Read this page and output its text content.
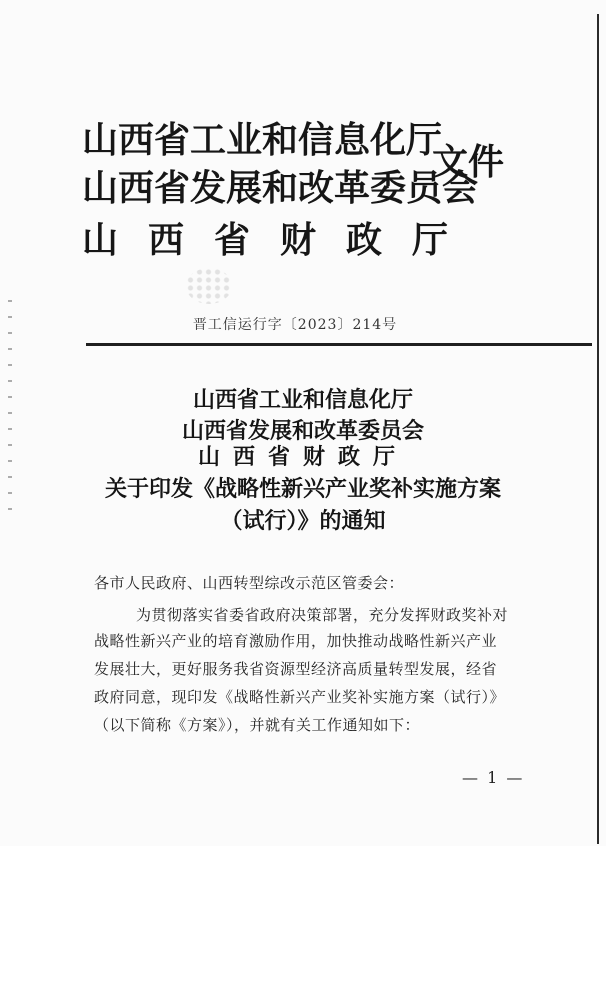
山西省工业和信息化厅
山西省发展和改革委员会
山西省财政厅
文件
晋工信运行字〔2023〕214号
山西省工业和信息化厅
山西省发展和改革委员会
山西省财政厅
关于印发《战略性新兴产业奖补实施方案
（试行）》的通知
各市人民政府、山西转型综改示范区管委会：
为贯彻落实省委省政府决策部署，充分发挥财政奖补对
战略性新兴产业的培育激励作用，加快推动战略性新兴产业
发展壮大，更好服务我省资源型经济高质量转型发展，经省
政府同意，现印发《战略性新兴产业奖补实施方案（试行）》
（以下简称《方案》），并就有关工作通知如下：
— 1 —
